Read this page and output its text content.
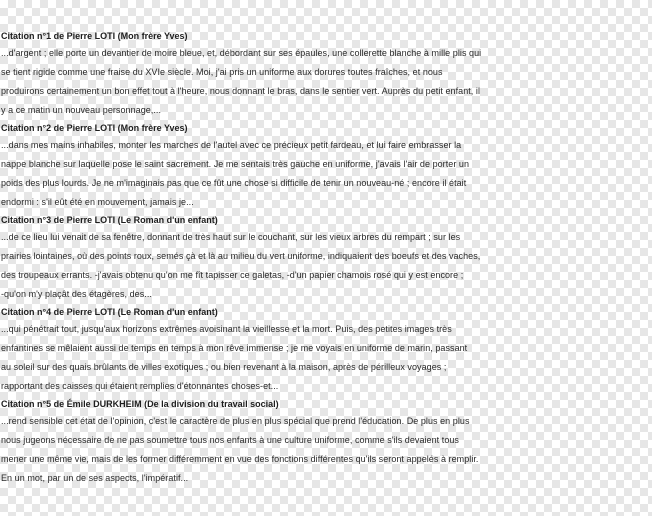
Citation n°1 de Pierre LOTI (Mon frère Yves)

...d'argent ; elle porte un devantier de moire bleue, et, débordant sur ses épaules, une collerette blanche à mille plis qui

se tient rigide comme une fraise du XVIe siècle. Moi, j'ai pris un uniforme aux dorures toutes fraîches, et nous

produirons certainement un bon effet tout à l'heure, nous donnant le bras, dans le sentier vert. Auprès du petit enfant, il

y a ce matin un nouveau personnage,...

Citation n°2 de Pierre LOTI (Mon frère Yves)

...dans mes mains inhabiles, monter les marches de l'autel avec ce précieux petit fardeau, et lui faire embrasser la

nappe blanche sur laquelle pose le saint sacrement. Je me sentais très gauche en uniforme, j'avais l'air de porter un

poids des plus lourds. Je ne m'imaginais pas que ce fût une chose si difficile de tenir un nouveau-né ; encore il était

endormi : s'il eût été en mouvement, jamais je...

Citation n°3 de Pierre LOTI (Le Roman d'un enfant)

...de ce lieu lui venait de sa fenêtre, donnant de très haut sur le couchant, sur les vieux arbres du rempart ; sur les

prairies lointaines, où des points roux, semés çà et là au milieu du vert uniforme, indiquaient des boeufs et des vaches,

des troupeaux errants. -j'avais obtenu qu'on me fît tapisser ce galetas, -d'un papier chamois rosé qui y est encore ;

-qu'on m'y plaçât des étagères, des...

Citation n°4 de Pierre LOTI (Le Roman d'un enfant)

...qui pénétrait tout, jusqu'aux horizons extrêmes avoisinant la vieillesse et la mort. Puis, des petites images très

enfantines se mêlaient aussi de temps en temps à mon rêve immense ; je me voyais en uniforme de marin, passant

au soleil sur des quais brûlants de villes exotiques ; ou bien revenant à la maison, après de périlleux voyages ;

rapportant des caisses qui étaient remplies d'étonnantes choses-et...

Citation n°5 de Émile DURKHEIM (De la division du travail social)

...rend sensible cet état de l'opinion, c'est le caractère de plus en plus spécial que prend l'éducation. De plus en plus

nous jugeons nécessaire de ne pas soumettre tous nos enfants à une culture uniforme, comme s'ils devaient tous

mener une même vie, mais de les former différemment en vue des fonctions différentes qu'ils seront appelés à remplir.

En un mot, par un de ses aspects, l'impératif...
